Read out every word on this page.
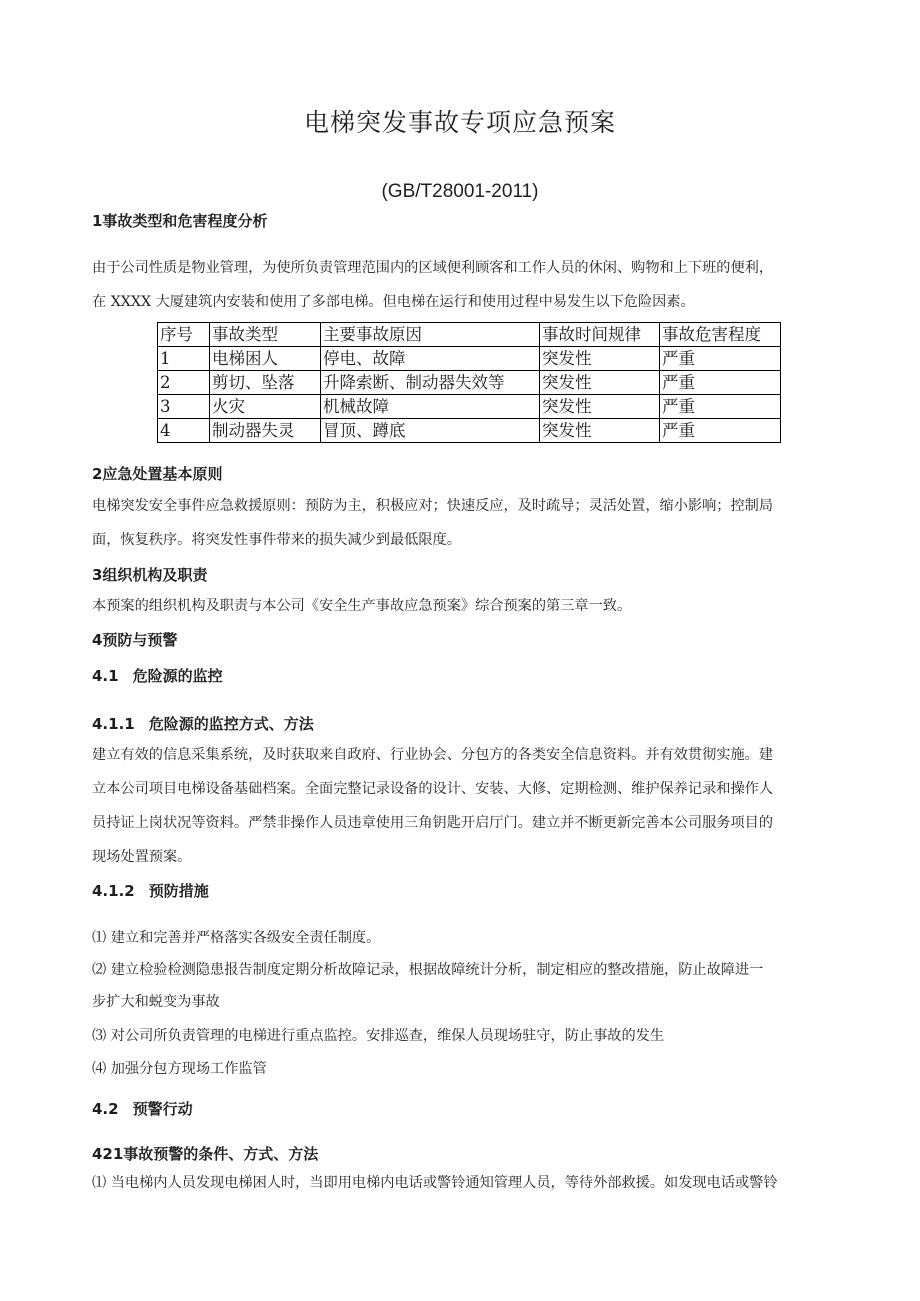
电梯突发事故专项应急预案
(GB/T28001-2011)
1事故类型和危害程度分析
由于公司性质是物业管理，为使所负责管理范围内的区域便利顾客和工作人员的休闲、购物和上下班的便利，
在 XXXX 大厦建筑内安装和使用了多部电梯。但电梯在运行和使用过程中易发生以下危险因素。
序号	事故类型	主要事故原因	事故时间规律	事故危害程度
1	电梯困人	停电、故障	突发性	严重
2	剪切、坠落	升降索断、制动器失效等	突发性	严重
3	火灾	机械故障	突发性	严重
4	制动器失灵	冒顶、蹲底	突发性	严重
2应急处置基本原则
电梯突发安全事件应急救援原则：预防为主，积极应对；快速反应，及时疏导；灵活处置，缩小影响；控制局
面，恢复秩序。将突发性事件带来的损失减少到最低限度。
3组织机构及职责
本预案的组织机构及职责与本公司《安全生产事故应急预案》综合预案的第三章一致。
4预防与预警
4.1 危险源的监控
4.1.1 危险源的监控方式、方法
建立有效的信息采集系统，及时获取来自政府、行业协会、分包方的各类安全信息资料。并有效贯彻实施。建
立本公司项目电梯设备基础档案。全面完整记录设备的设计、安装、大修、定期检测、维护保养记录和操作人
员持证上岗状况等资料。严禁非操作人员违章使用三角钥匙开启厅门。建立并不断更新完善本公司服务项目的
现场处置预案。
4.1.2 预防措施
⑴ 建立和完善并严格落实各级安全责任制度。
⑵ 建立检验检测隐患报告制度定期分析故障记录，根据故障统计分析，制定相应的整改措施，防止故障进一
步扩大和蜕变为事故
⑶ 对公司所负责管理的电梯进行重点监控。安排巡查，维保人员现场驻守，防止事故的发生
⑷ 加强分包方现场工作监管
4.2 预警行动
421事故预警的条件、方式、方法
⑴ 当电梯内人员发现电梯困人时，当即用电梯内电话或警铃通知管理人员，等待外部救援。如发现电话或警铃
